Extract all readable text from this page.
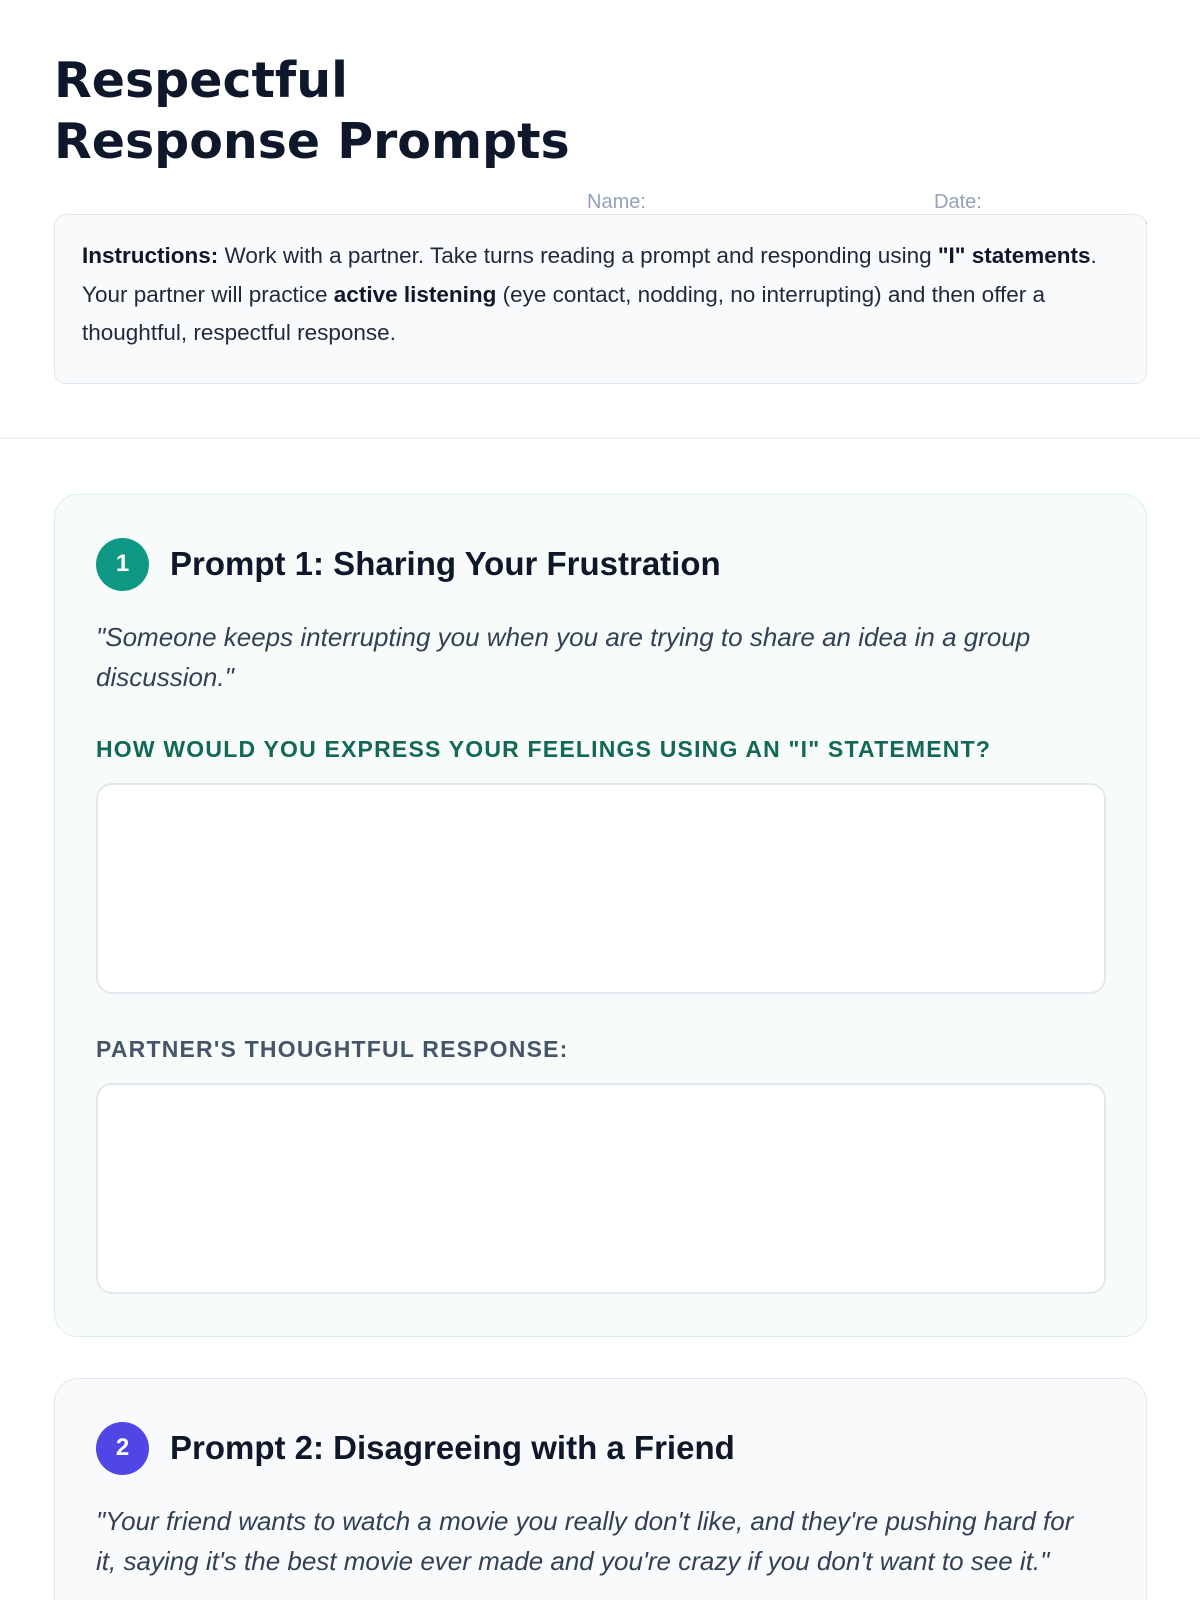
Respectful
Response Prompts
Name:	Date:
Instructions: Work with a partner. Take turns reading a prompt and responding using "I" statements. Your partner will practice active listening (eye contact, nodding, no interrupting) and then offer a thoughtful, respectful response.
1	Prompt 1: Sharing Your Frustration
"Someone keeps interrupting you when you are trying to share an idea in a group discussion."
HOW WOULD YOU EXPRESS YOUR FEELINGS USING AN "I" STATEMENT?
PARTNER'S THOUGHTFUL RESPONSE:
2	Prompt 2: Disagreeing with a Friend
"Your friend wants to watch a movie you really don't like, and they're pushing hard for it, saying it's the best movie ever made and you're crazy if you don't want to see it."
